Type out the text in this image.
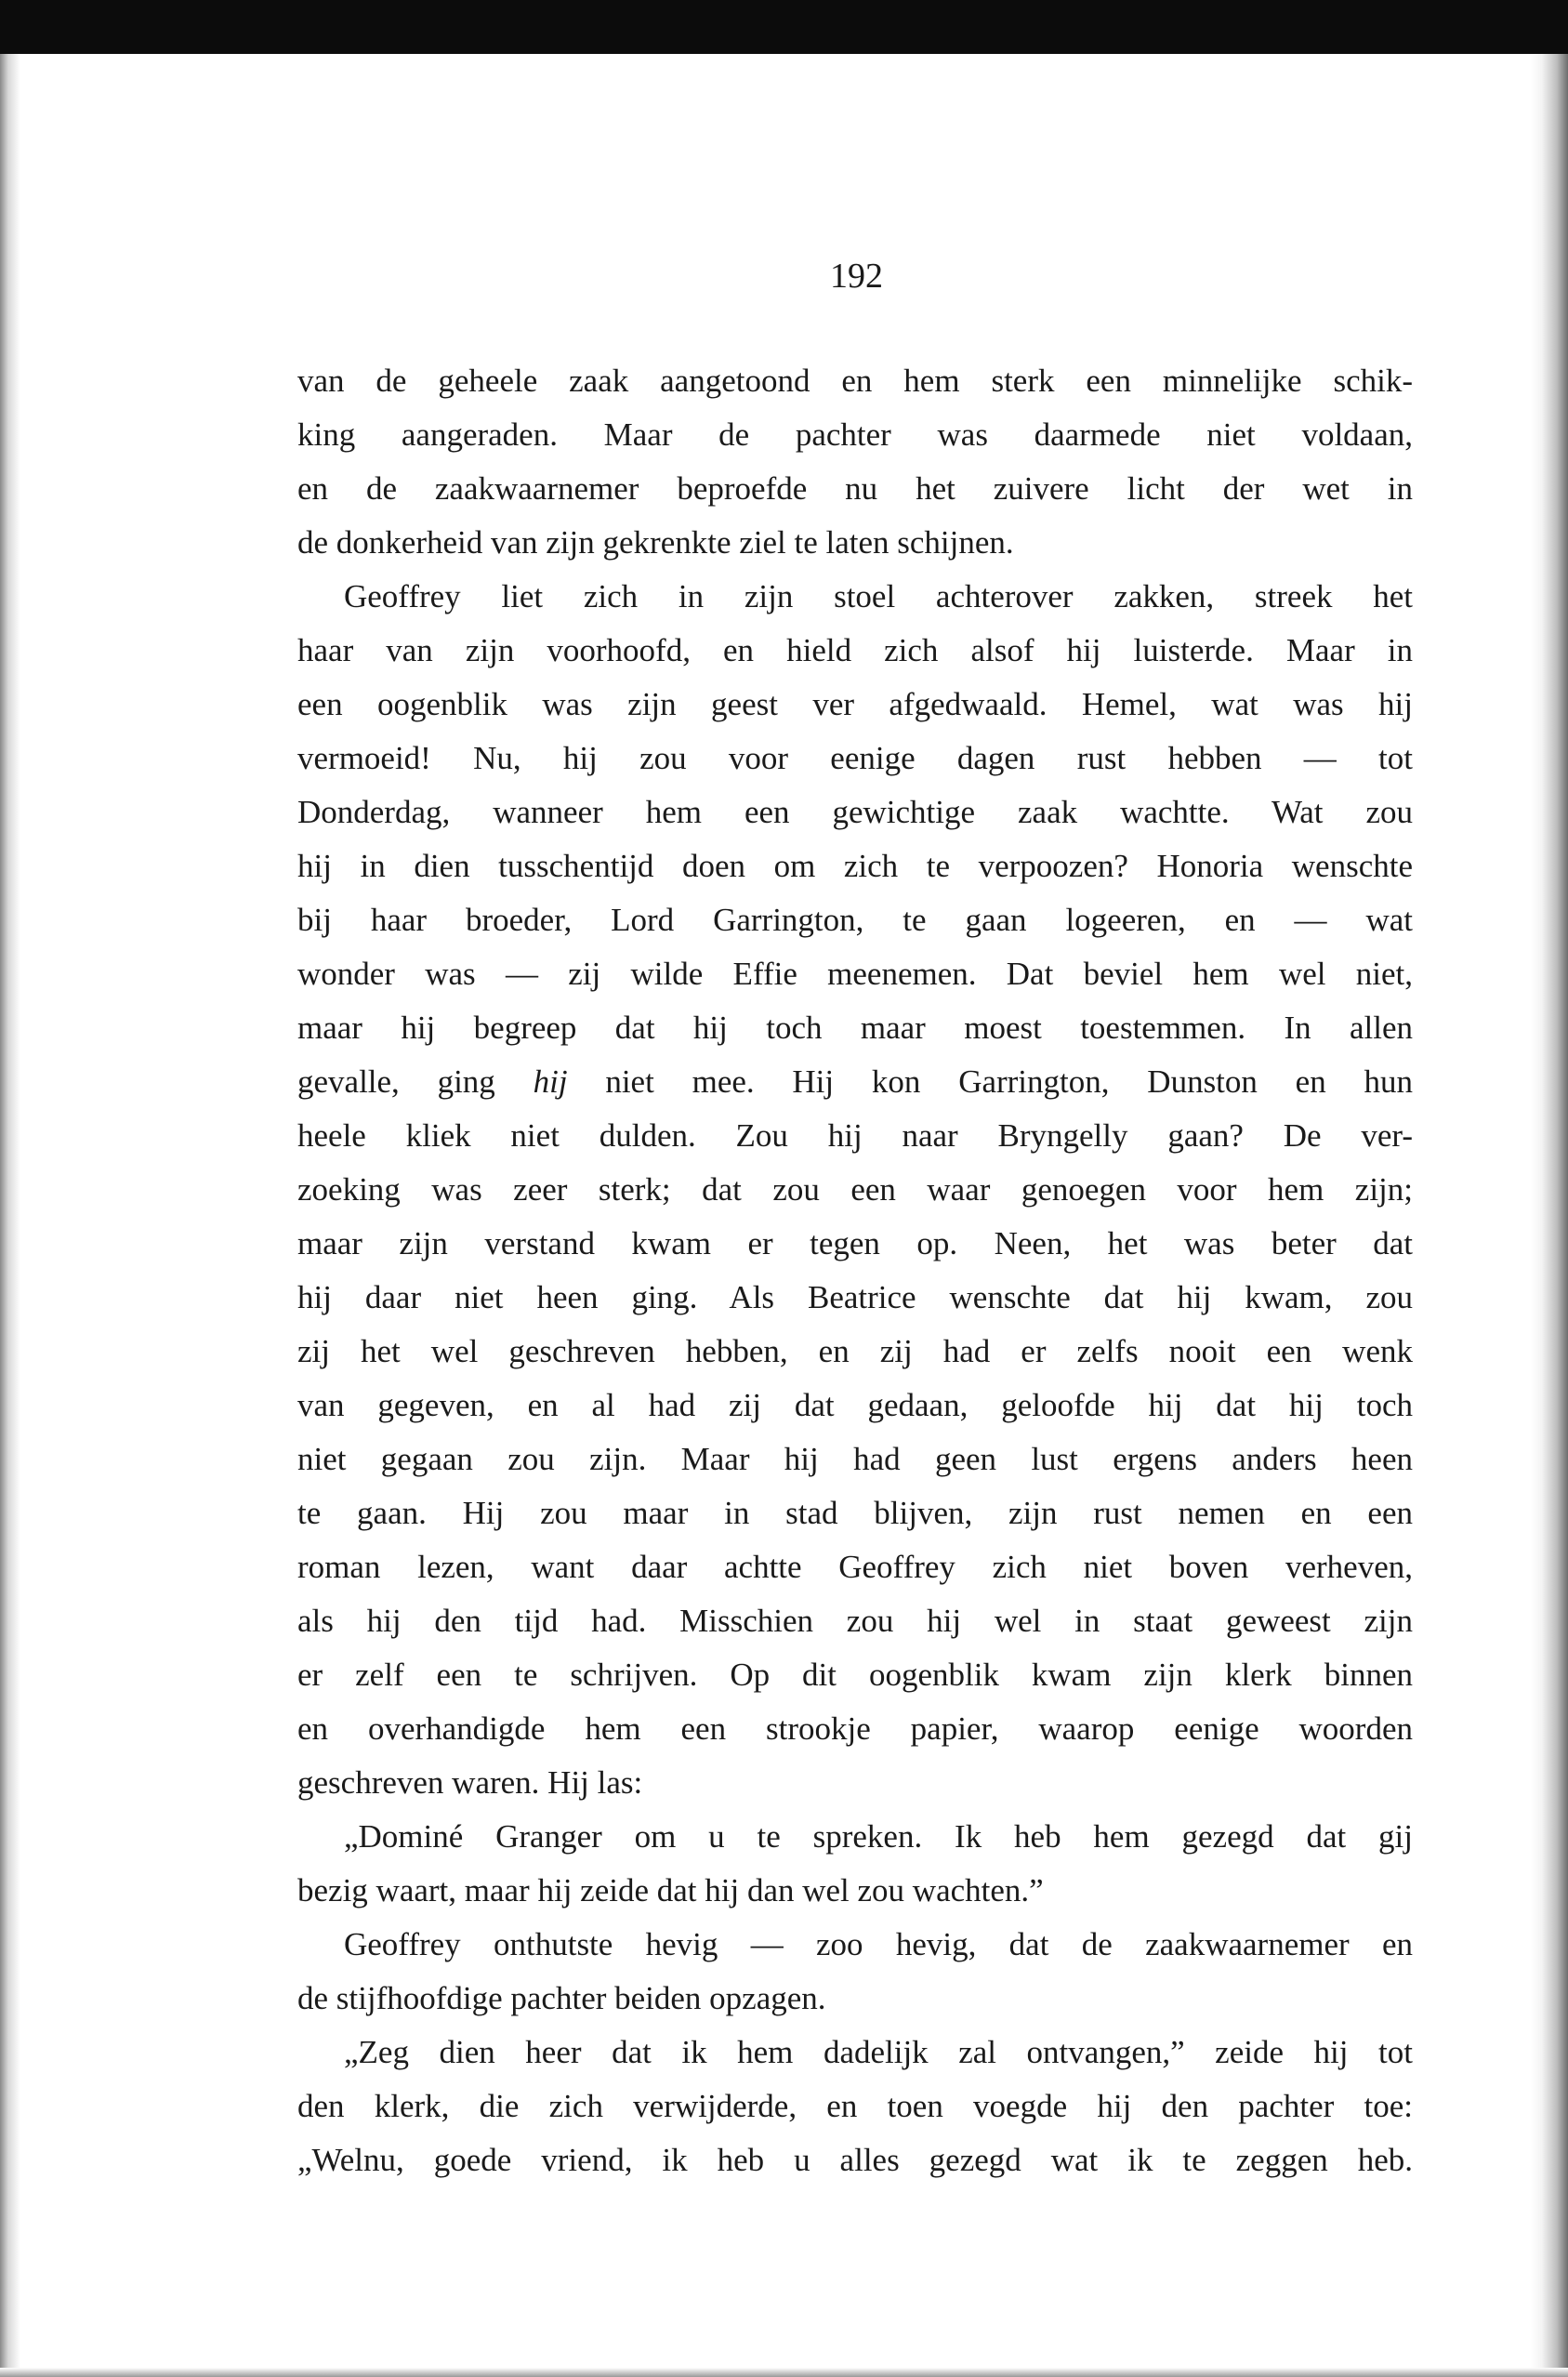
192
van de geheele zaak aangetoond en hem sterk een minnelijke schik-
king aangeraden. Maar de pachter was daarmede niet voldaan,
en de zaakwaarnemer beproefde nu het zuivere licht der wet in
de donkerheid van zijn gekrenkte ziel te laten schijnen.
Geoffrey liet zich in zijn stoel achterover zakken, streek het
haar van zijn voorhoofd, en hield zich alsof hij luisterde. Maar in
een oogenblik was zijn geest ver afgedwaald. Hemel, wat was hij
vermoeid! Nu, hij zou voor eenige dagen rust hebben — tot
Donderdag, wanneer hem een gewichtige zaak wachtte. Wat zou
hij in dien tusschentijd doen om zich te verpoozen? Honoria wenschte
bij haar broeder, Lord Garrington, te gaan logeeren, en — wat
wonder was — zij wilde Effie meenemen. Dat beviel hem wel niet,
maar hij begreep dat hij toch maar moest toestemmen. In allen
gevalle, ging hij niet mee. Hij kon Garrington, Dunston en hun
heele kliek niet dulden. Zou hij naar Bryngelly gaan? De ver-
zoeking was zeer sterk; dat zou een waar genoegen voor hem zijn;
maar zijn verstand kwam er tegen op. Neen, het was beter dat
hij daar niet heen ging. Als Beatrice wenschte dat hij kwam, zou
zij het wel geschreven hebben, en zij had er zelfs nooit een wenk
van gegeven, en al had zij dat gedaan, geloofde hij dat hij toch
niet gegaan zou zijn. Maar hij had geen lust ergens anders heen
te gaan. Hij zou maar in stad blijven, zijn rust nemen en een
roman lezen, want daar achtte Geoffrey zich niet boven verheven,
als hij den tijd had. Misschien zou hij wel in staat geweest zijn
er zelf een te schrijven. Op dit oogenblik kwam zijn klerk binnen
en overhandigde hem een strookje papier, waarop eenige woorden
geschreven waren. Hij las:
„Dominé Granger om u te spreken. Ik heb hem gezegd dat gij
bezig waart, maar hij zeide dat hij dan wel zou wachten.”
Geoffrey onthutste hevig — zoo hevig, dat de zaakwaarnemer en
de stijfhoofdige pachter beiden opzagen.
„Zeg dien heer dat ik hem dadelijk zal ontvangen,” zeide hij tot
den klerk, die zich verwijderde, en toen voegde hij den pachter toe:
„Welnu, goede vriend, ik heb u alles gezegd wat ik te zeggen heb.
